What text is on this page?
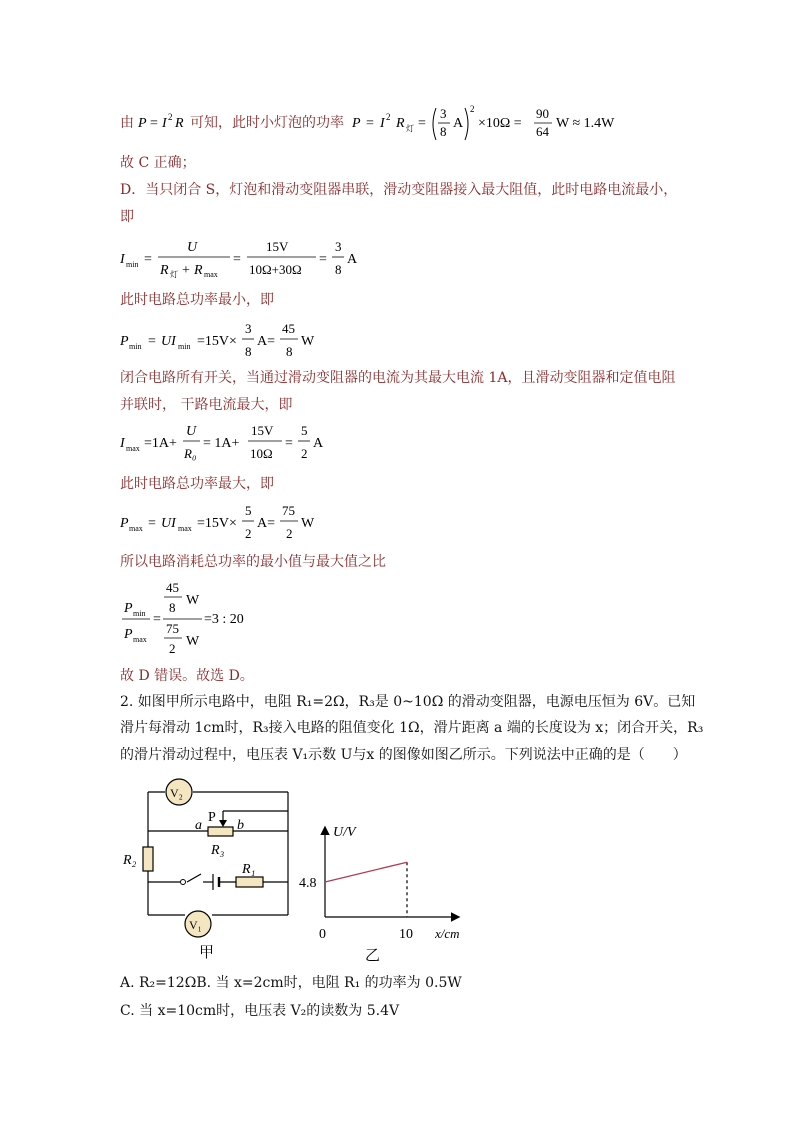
由 P = I 2 R 可知，此时小灯泡的功率 P = I 2 R 灯 =
3
8
A
2
×10Ω =
90
64
W ≈ 1.4W
故 C 正确；
D．当只闭合 S，灯泡和滑动变阻器串联，滑动变阻器接入最大阻值，此时电路电流最小，
即
I min =
U
R 灯 + R max
=
15V
10Ω+30Ω
=
3
8
A
此时电路总功率最小，即
P min = UI min =15V×
3
8
A=
45
8
W
闭合电路所有开关，当通过滑动变阻器的电流为其最大电流 1A，且滑动变阻器和定值电阻
并联时， 干路电流最大，即
I max =1A+
U
R₀
= 1A+
15V
10Ω
=
5
2
A
此时电路总功率最大，即
P max = UI max =15V×
5
2
A=
75
2
W
所以电路消耗总功率的最小值与最大值之比
P min
P max
=
45
8 W
75
2 W
=3 : 20
故 D 错误。故选 D。
2. 如图甲所示电路中，电阻 R₁=2Ω，R₃是 0~10Ω 的滑动变阻器，电源电压恒为 6V。已知
滑片每滑动 1cm时，R₃接入电路的阻值变化 1Ω，滑片距离 a 端的长度设为 x；闭合开关，R₃
的滑片滑动过程中，电压表 V₁示数 U与x 的图像如图乙所示。下列说法中正确的是（　　）
V₂
a
P
b
R₃
R₂
R₁
V₁
甲
U/V
x/cm
0	10
4.8
乙
A. R₂=12ΩB. 当 x=2cm时，电阻 R₁ 的功率为 0.5W
C. 当 x=10cm时，电压表 V₂的读数为 5.4V
